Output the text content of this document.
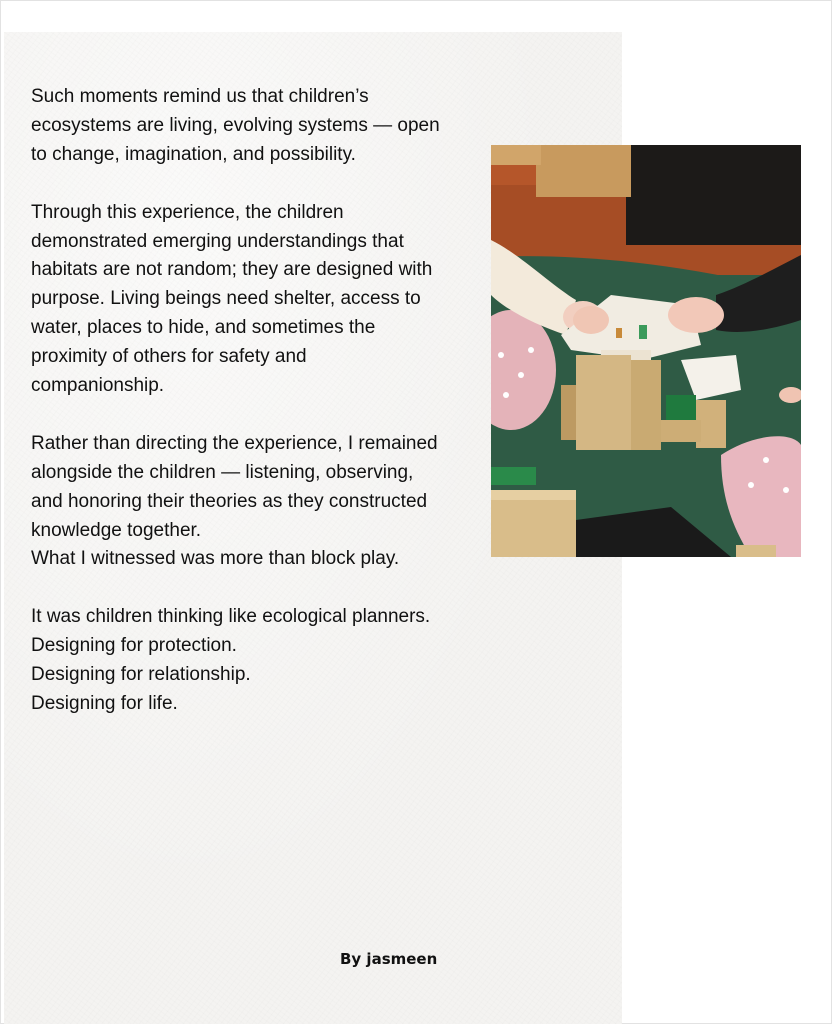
Such moments remind us that children’s
ecosystems are living, evolving systems — open
to change, imagination, and possibility.

Through this experience, the children
demonstrated emerging understandings that
habitats are not random; they are designed with
purpose. Living beings need shelter, access to
water, places to hide, and sometimes the
proximity of others for safety and
companionship.

Rather than directing the experience, I remained
alongside the children — listening, observing,
and honoring their theories as they constructed
knowledge together.
What I witnessed was more than block play.

It was children thinking like ecological planners.
Designing for protection.
Designing for relationship.
Designing for life.

By jasmeen
